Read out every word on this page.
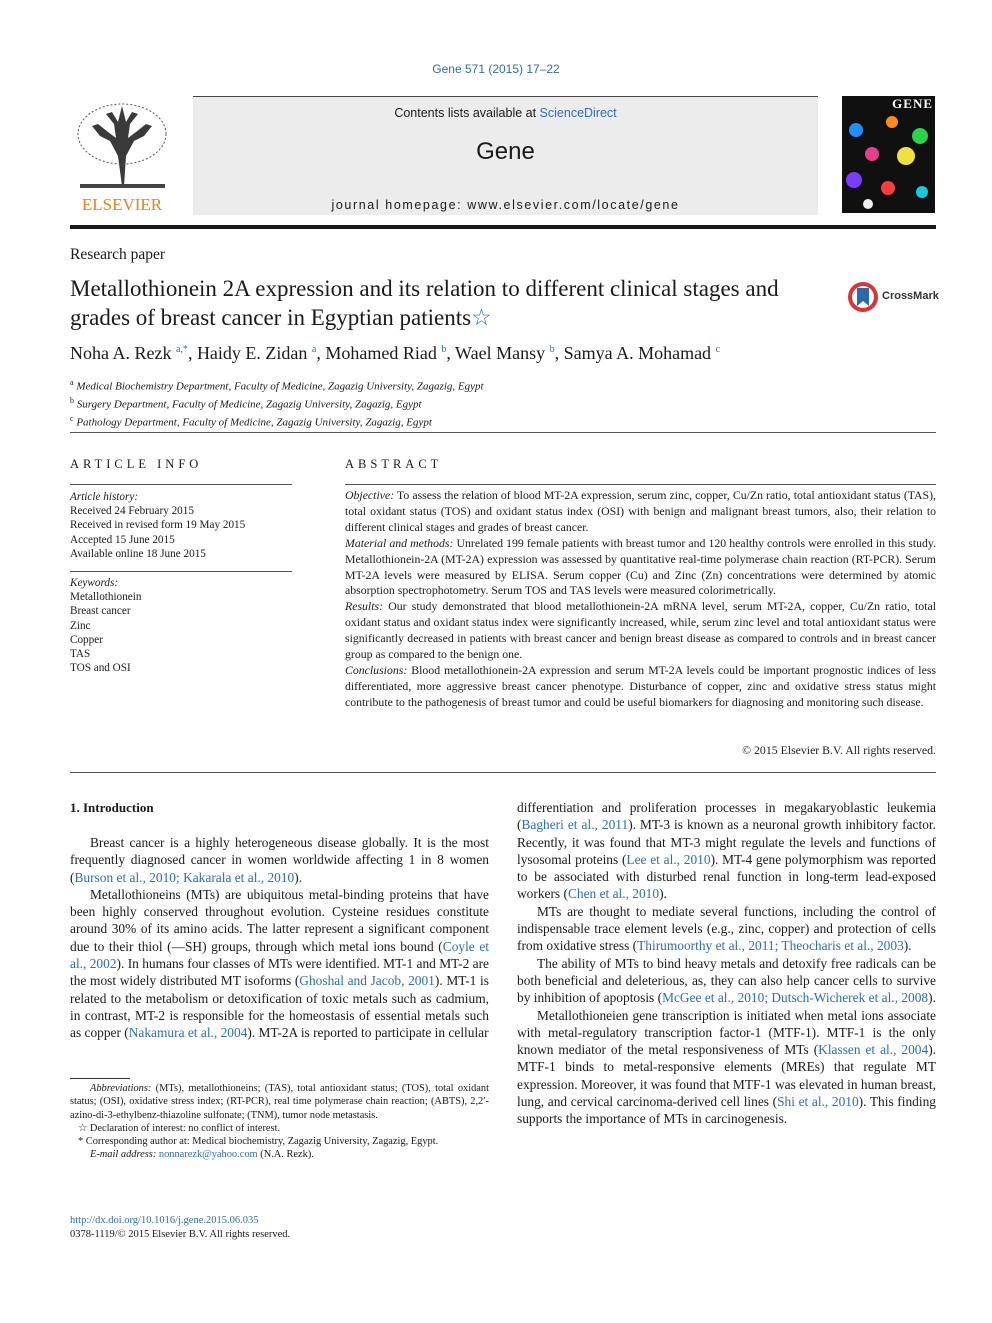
Gene 571 (2015) 17–22
ELSEVIER
Contents lists available at ScienceDirect
Gene
journal homepage: www.elsevier.com/locate/gene
GENE
Research paper
Metallothionein 2A expression and its relation to different clinical stages and grades of breast cancer in Egyptian patients☆
CrossMark
Noha A. Rezk $^{a,*}$, Haidy E. Zidan $^a$, Mohamed Riad $^b$, Wael Mansy $^b$, Samya A. Mohamad $^c$
$^a$ Medical Biochemistry Department, Faculty of Medicine, Zagazig University, Zagazig, Egypt
$^b$ Surgery Department, Faculty of Medicine, Zagazig University, Zagazig, Egypt
$^c$ Pathology Department, Faculty of Medicine, Zagazig University, Zagazig, Egypt
ARTICLE INFO
Article history:
Received 24 February 2015
Received in revised form 19 May 2015
Accepted 15 June 2015
Available online 18 June 2015
Keywords:
Metallothionein
Breast cancer
Zinc
Copper
TAS
TOS and OSI
ABSTRACT

Objective: To assess the relation of blood MT-2A expression, serum zinc, copper, Cu/Zn ratio, total antioxidant status (TAS), total oxidant status (TOS) and oxidant status index (OSI) with benign and malignant breast tumors, also, their relation to different clinical stages and grades of breast cancer.

Material and methods: Unrelated 199 female patients with breast tumor and 120 healthy controls were enrolled in this study. Metallothionein-2A (MT-2A) expression was assessed by quantitative real-time polymerase chain reaction (RT-PCR). Serum MT-2A levels were measured by ELISA. Serum copper (Cu) and Zinc (Zn) concentrations were determined by atomic absorption spectrophotometry. Serum TOS and TAS levels were measured colorimetrically.

Results: Our study demonstrated that blood metallothionein-2A mRNA level, serum MT-2A, copper, Cu/Zn ratio, total oxidant status and oxidant status index were significantly increased, while, serum zinc level and total antioxidant status were significantly decreased in patients with breast cancer and benign breast disease as compared to controls and in breast cancer group as compared to the benign one.

Conclusions: Blood metallothionein-2A expression and serum MT-2A levels could be important prognostic indices of less differentiated, more aggressive breast cancer phenotype. Disturbance of copper, zinc and oxidative stress status might contribute to the pathogenesis of breast tumor and could be useful biomarkers for diagnosing and monitoring such disease.

© 2015 Elsevier B.V. All rights reserved.
1. Introduction

Breast cancer is a highly heterogeneous disease globally. It is the most frequently diagnosed cancer in women worldwide affecting 1 in 8 women (Burson et al., 2010; Kakarala et al., 2010).

Metallothioneins (MTs) are ubiquitous metal-binding proteins that have been highly conserved throughout evolution. Cysteine residues constitute around 30% of its amino acids. The latter represent a significant component due to their thiol (—SH) groups, through which metal ions bound (Coyle et al., 2002). In humans four classes of MTs were identified. MT-1 and MT-2 are the most widely distributed MT isoforms (Ghoshal and Jacob, 2001). MT-1 is related to the metabolism or detoxification of toxic metals such as cadmium, in contrast, MT-2 is responsible for the homeostasis of essential metals such as copper (Nakamura et al., 2004). MT-2A is reported to participate in cellular

differentiation and proliferation processes in megakaryoblastic leukemia (Bagheri et al., 2011). MT-3 is known as a neuronal growth inhibitory factor. Recently, it was found that MT-3 might regulate the levels and functions of lysosomal proteins (Lee et al., 2010). MT-4 gene polymorphism was reported to be associated with disturbed renal function in long-term lead-exposed workers (Chen et al., 2010).

MTs are thought to mediate several functions, including the control of indispensable trace element levels (e.g., zinc, copper) and protection of cells from oxidative stress (Thirumoorthy et al., 2011; Theocharis et al., 2003).

The ability of MTs to bind heavy metals and detoxify free radicals can be both beneficial and deleterious, as, they can also help cancer cells to survive by inhibition of apoptosis (McGee et al., 2010; Dutsch-Wicherek et al., 2008).

Metallothioneien gene transcription is initiated when metal ions associate with metal-regulatory transcription factor-1 (MTF-1). MTF-1 is the only known mediator of the metal responsiveness of MTs (Klassen et al., 2004). MTF-1 binds to metal-responsive elements (MREs) that regulate MT expression. Moreover, it was found that MTF-1 was elevated in human breast, lung, and cervical carcinoma-derived cell lines (Shi et al., 2010). This finding supports the importance of MTs in carcinogenesis.

Abbreviations: (MTs), metallothioneins; (TAS), total antioxidant status; (TOS), total oxidant status; (OSI), oxidative stress index; (RT-PCR), real time polymerase chain reaction; (ABTS), 2,2′- azino-di-3-ethylbenz-thiazoline sulfonate; (TNM), tumor node metastasis.

☆ Declaration of interest: no conflict of interest.

* Corresponding author at: Medical biochemistry, Zagazig University, Zagazig, Egypt.

E-mail address: nonnarezk@yahoo.com (N.A. Rezk).

http://dx.doi.org/10.1016/j.gene.2015.06.035
0378-1119/© 2015 Elsevier B.V. All rights reserved.
